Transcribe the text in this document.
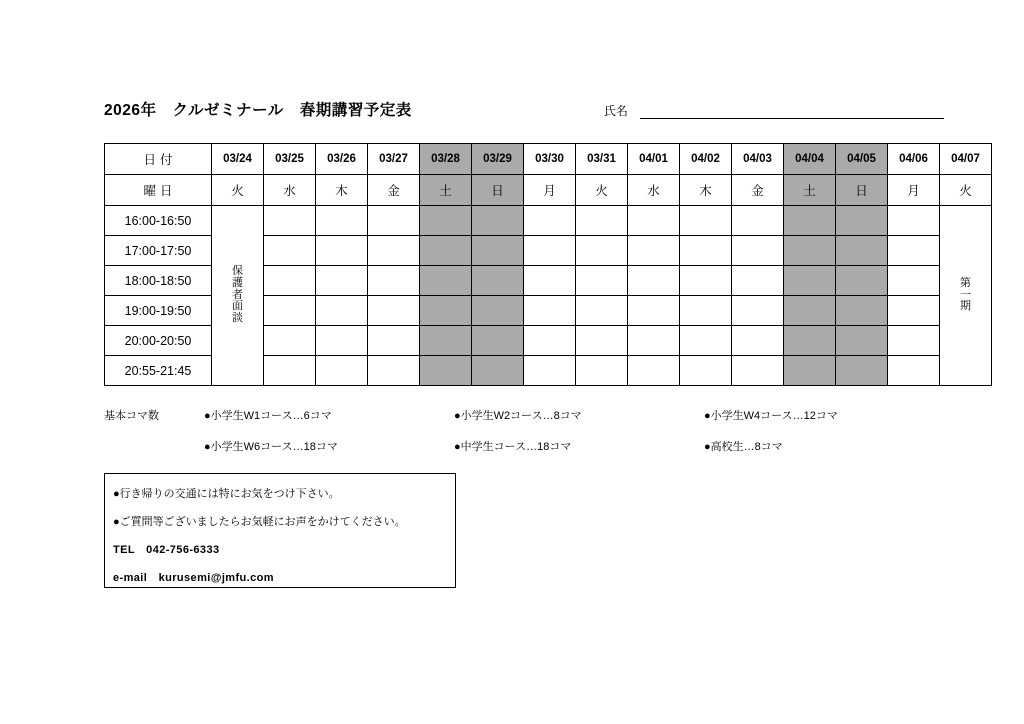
2026年　クルゼミナール　春期講習予定表	氏名
日付	03/24	03/25	03/26	03/27	03/28	03/29	03/30	03/31	04/01	04/02	04/03	04/04	04/05	04/06	04/07
曜日	火	水	木	金	土	日	月	火	水	木	金	土	日	月	火
16:00-16:50	保護者面談														第一期

17:00-17:50															
18:00-18:50															
19:00-19:50															
20:00-20:50															
20:55-21:45															
基本コマ数	●小学生W1コース…6コマ	●小学生W2コース…8コマ	●小学生W4コース…12コマ
●小学生W6コース…18コマ	●中学生コース…18コマ	●高校生…8コマ
●行き帰りの交通には特にお気をつけ下さい。
●ご質問等ございましたらお気軽にお声をかけてください。
TEL　042-756-6333
e-mail　kurusemi@jmfu.com
